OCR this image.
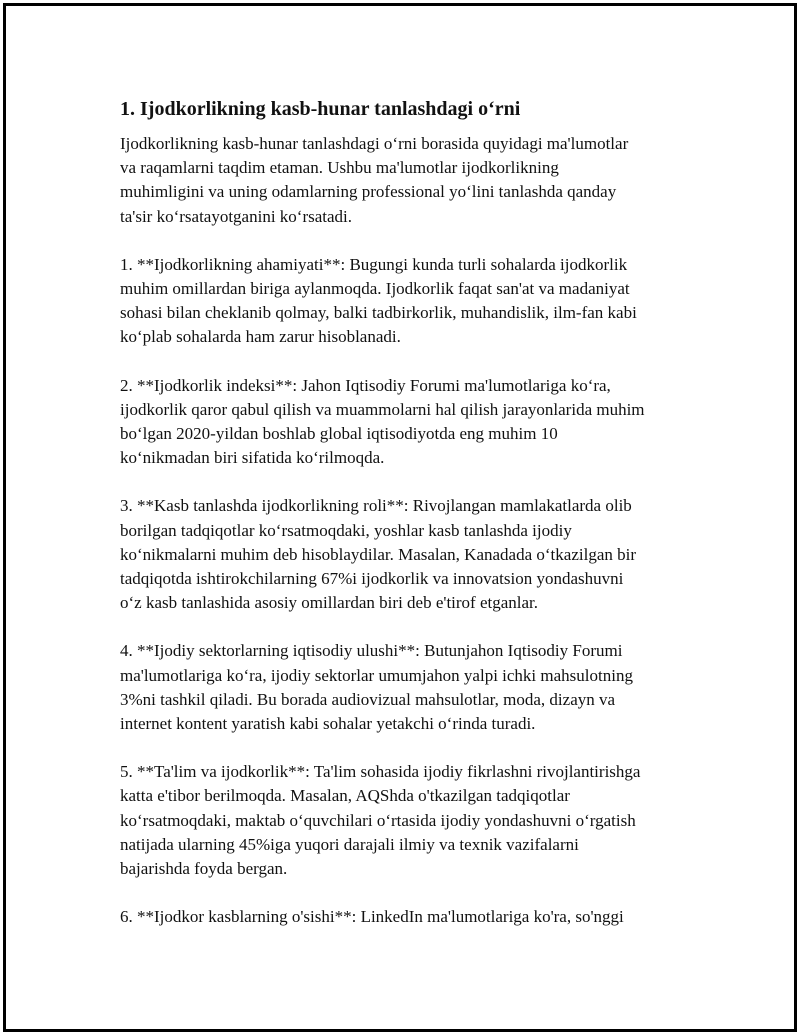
1. Ijodkorlikning kasb-hunar tanlashdagi o‘rni

Ijodkorlikning kasb-hunar tanlashdagi o‘rni borasida quyidagi ma'lumotlar
va raqamlarni taqdim etaman. Ushbu ma'lumotlar ijodkorlikning
muhimligini va uning odamlarning professional yo‘lini tanlashda qanday
ta'sir ko‘rsatayotganini ko‘rsatadi.

1. **Ijodkorlikning ahamiyati**: Bugungi kunda turli sohalarda ijodkorlik
muhim omillardan biriga aylanmoqda. Ijodkorlik faqat san'at va madaniyat
sohasi bilan cheklanib qolmay, balki tadbirkorlik, muhandislik, ilm-fan kabi
ko‘plab sohalarda ham zarur hisoblanadi.

2. **Ijodkorlik indeksi**: Jahon Iqtisodiy Forumi ma'lumotlariga ko‘ra,
ijodkorlik qaror qabul qilish va muammolarni hal qilish jarayonlarida muhim
bo‘lgan 2020-yildan boshlab global iqtisodiyotda eng muhim 10
ko‘nikmadan biri sifatida ko‘rilmoqda.

3. **Kasb tanlashda ijodkorlikning roli**: Rivojlangan mamlakatlarda olib
borilgan tadqiqotlar ko‘rsatmoqdaki, yoshlar kasb tanlashda ijodiy
ko‘nikmalarni muhim deb hisoblaydilar. Masalan, Kanadada o‘tkazilgan bir
tadqiqotda ishtirokchilarning 67%i ijodkorlik va innovatsion yondashuvni
o‘z kasb tanlashida asosiy omillardan biri deb e'tirof etganlar.

4. **Ijodiy sektorlarning iqtisodiy ulushi**: Butunjahon Iqtisodiy Forumi
ma'lumotlariga ko‘ra, ijodiy sektorlar umumjahon yalpi ichki mahsulotning
3%ni tashkil qiladi. Bu borada audiovizual mahsulotlar, moda, dizayn va
internet kontent yaratish kabi sohalar yetakchi o‘rinda turadi.

5. **Ta'lim va ijodkorlik**: Ta'lim sohasida ijodiy fikrlashni rivojlantirishga
katta e'tibor berilmoqda. Masalan, AQShda o'tkazilgan tadqiqotlar
ko‘rsatmoqdaki, maktab o‘quvchilari o‘rtasida ijodiy yondashuvni o‘rgatish
natijada ularning 45%iga yuqori darajali ilmiy va texnik vazifalarni
bajarishda foyda bergan.

6. **Ijodkor kasblarning o'sishi**: LinkedIn ma'lumotlariga ko'ra, so'nggi
